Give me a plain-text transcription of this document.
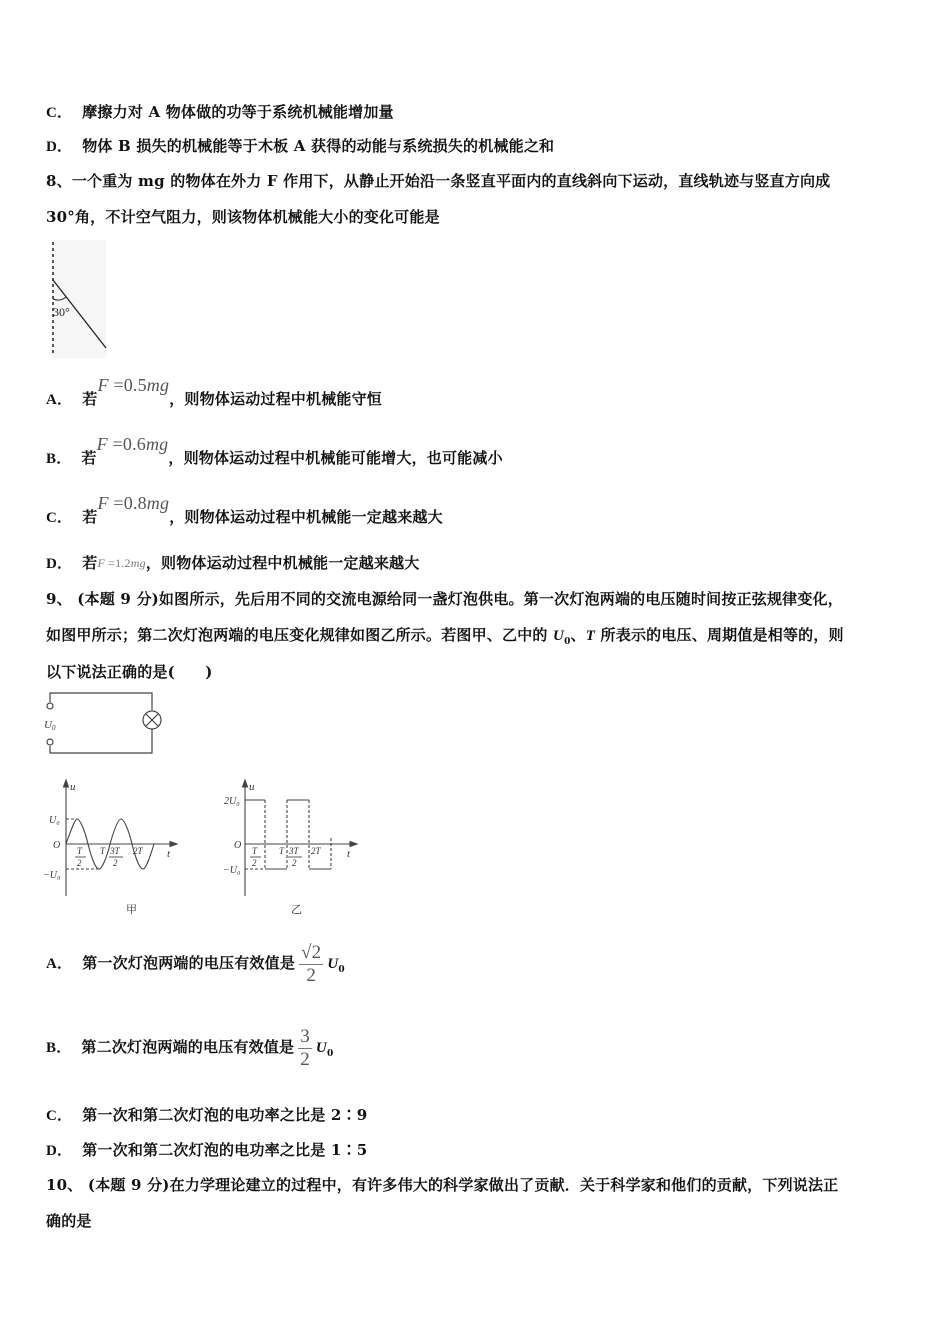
C． 摩擦力对 A 物体做的功等于系统机械能增加量
D． 物体 B 损失的机械能等于木板 A 获得的动能与系统损失的机械能之和
8、一个重为 mg 的物体在外力 F 作用下，从静止开始沿一条竖直平面内的直线斜向下运动，直线轨迹与竖直方向成
30°角，不计空气阻力，则该物体机械能大小的变化可能是
30°
A． 若F =0.5mg，则物体运动过程中机械能守恒
B． 若F =0.6mg，则物体运动过程中机械能可能增大，也可能减小
C． 若F =0.8mg，则物体运动过程中机械能一定越来越大
D． 若F =1.2mg，则物体运动过程中机械能一定越来越大
9、 (本题 9 分)如图所示，先后用不同的交流电源给同一盏灯泡供电。第一次灯泡两端的电压随时间按正弦规律变化，
如图甲所示；第二次灯泡两端的电压变化规律如图乙所示。若图甲、乙中的 $U_0$、T 所表示的电压、周期值是相等的，则
以下说法正确的是(　　)
U0
u
t
U₀
O
−U₀
T
2
T 3T
2
2T
甲
u
t
2U₀
O
−U₀
T
2
T 3T
2
2T
乙
A． 第一次灯泡两端的电压有效值是 $\frac{√2}{2} U_0$
B． 第二次灯泡两端的电压有效值是 $\frac{3}{2} U_0$
C． 第一次和第二次灯泡的电功率之比是 2∶9
D． 第一次和第二次灯泡的电功率之比是 1∶5
10、 (本题 9 分)在力学理论建立的过程中，有许多伟大的科学家做出了贡献．关于科学家和他们的贡献，下列说法正
确的是
